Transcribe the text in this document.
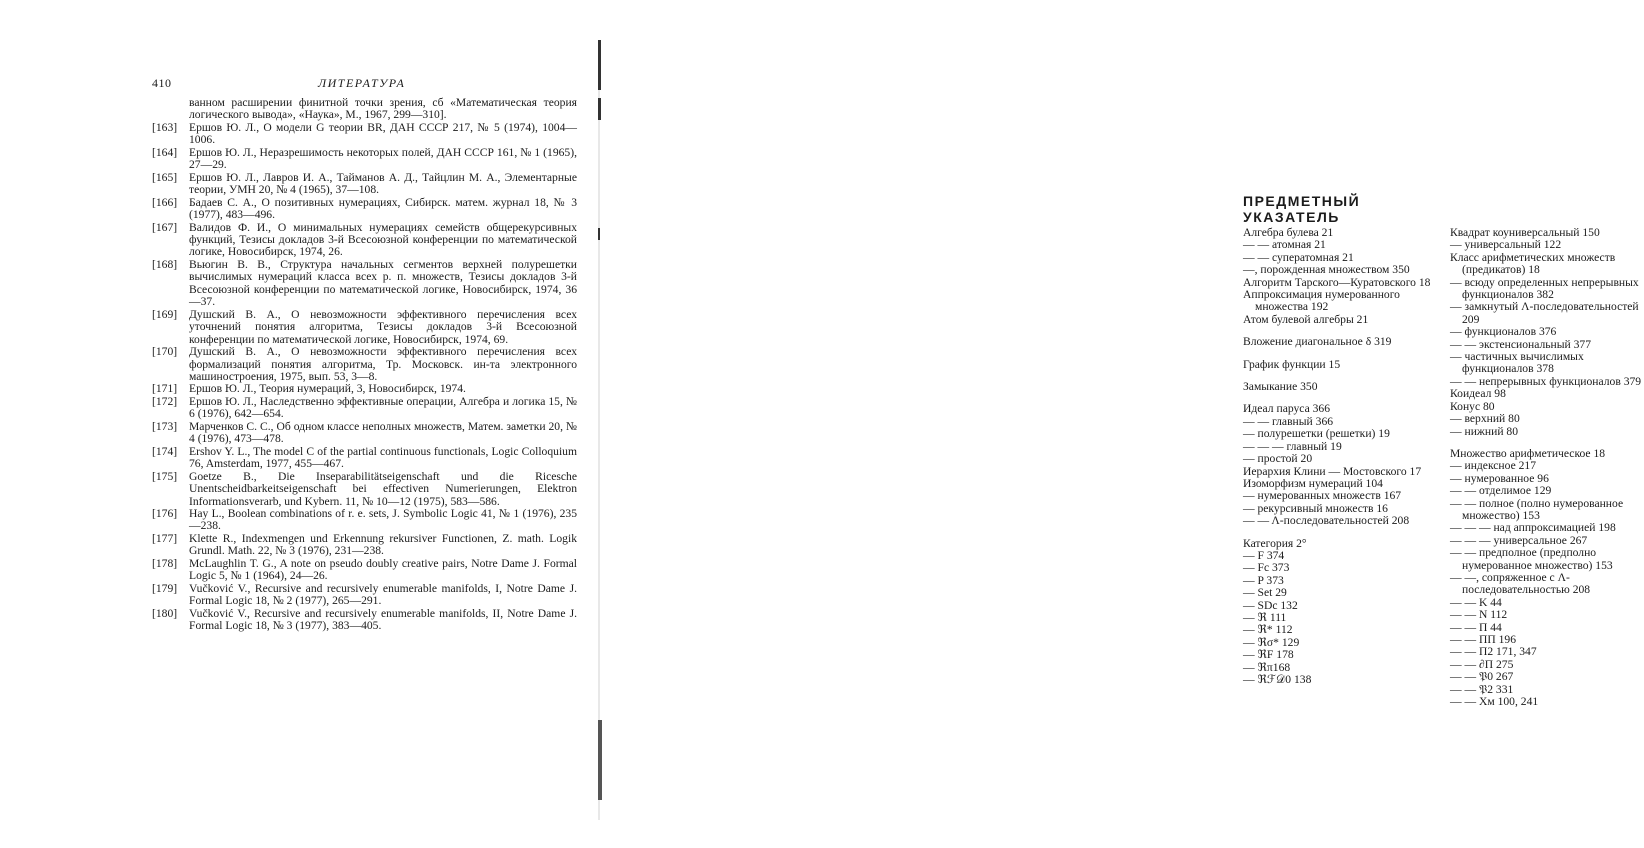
410	ЛИТЕРАТУРА
ванном расширении финитной точки зрения, сб «Математическая теория логического вывода», «Наука», М., 1967, 299—310].
[163]	Ершов Ю. Л., О модели G теории BR, ДАН СССР 217, № 5 (1974), 1004—1006.
[164]	Ершов Ю. Л., Неразрешимость некоторых полей, ДАН СССР 161, № 1 (1965), 27—29.
[165]	Ершов Ю. Л., Лавров И. А., Тайманов А. Д., Тайцлин М. А., Элементарные теории, УМН 20, № 4 (1965), 37—108.
[166]	Бадаев С. А., О позитивных нумерациях, Сибирск. матем. журнал 18, № 3 (1977), 483—496.
[167]	Валидов Ф. И., О минимальных нумерациях семейств общерекурсивных функций, Тезисы докладов 3-й Всесоюзной конференции по математической логике, Новосибирск, 1974, 26.
[168]	Вьюгин В. В., Структура начальных сегментов верхней полурешетки вычислимых нумераций класса всех р. п. множеств, Тезисы докладов 3-й Всесоюзной конференции по математической логике, Новосибирск, 1974, 36—37.
[169]	Душский В. А., О невозможности эффективного перечисления всех уточнений понятия алгоритма, Тезисы докладов 3-й Всесоюзной конференции по математической логике, Новосибирск, 1974, 69.
[170]	Душский В. А., О невозможности эффективного перечисления всех формализаций понятия алгоритма, Тр. Московск. ин-та электронного машиностроения, 1975, вып. 53, 3—8.
[171]	Ершов Ю. Л., Теория нумераций, 3, Новосибирск, 1974.
[172]	Ершов Ю. Л., Наследственно эффективные операции, Алгебра и логика 15, № 6 (1976), 642—654.
[173]	Марченков С. С., Об одном классе неполных множеств, Матем. заметки 20, № 4 (1976), 473—478.
[174]	Ershov Y. L., The model C of the partial continuous functionals, Logic Colloquium 76, Amsterdam, 1977, 455—467.
[175]	Goetze B., Die Inseparabilitätseigenschaft und die Ricesche Unentscheidbarkeitseigenschaft bei effectiven Numerierungen, Elektron Informationsverarb, und Kybern. 11, № 10—12 (1975), 583—586.
[176]	Hay L., Boolean combinations of r. e. sets, J. Symbolic Logic 41, № 1 (1976), 235—238.
[177]	Klette R., Indexmengen und Erkennung rekursiver Functionen, Z. math. Logik Grundl. Math. 22, № 3 (1976), 231—238.
[178]	McLaughlin T. G., A note on pseudo doubly creative pairs, Notre Dame J. Formal Logic 5, № 1 (1964), 24—26.
[179]	Vučković V., Recursive and recursively enumerable manifolds, I, Notre Dame J. Formal Logic 18, № 2 (1977), 265—291.
[180]	Vučković V., Recursive and recursively enumerable manifolds, II, Notre Dame J. Formal Logic 18, № 3 (1977), 383—405.
ПРЕДМЕТНЫЙ УКАЗАТЕЛЬ
Алгебра булева 21
— — атомная 21
— — суператомная 21
—, порожденная множеством 350
Алгоритм Тарского—Куратовского 18
Аппроксимация нумерованного множества 192
Атом булевой алгебры 21
Вложение диагональное δ 319
График функции 15
Замыкание 350
Идеал паруса 366
— — главный 366
— полурешетки (решетки) 19
— — — главный 19
— простой 20
Иерархия Клини — Мостовского 17
Изоморфизм нумераций 104
— нумерованных множеств 167
— рекурсивный множеств 16
— — Λ-последовательностей 208
Категория 2°
— F 374
— Fc 373
— P 373
— Set 29
— SDc 132
— ℜ 111
— ℜ* 112
— ℜσ* 129
— ℜF 178
— ℜπ168
— ℜℱ𝒟0 138
Квадрат коуниверсальный 150
— универсальный 122
Класс арифметических множеств (предикатов) 18
— всюду определенных непрерывных функционалов 382
— замкнутый Λ-последовательностей 209
— функционалов 376
— — экстенсиональный 377
— частичных вычислимых функционалов 378
— — непрерывных функционалов 379
Коидеал 98
Конус 80
— верхний 80
— нижний 80
Множество арифметическое 18
— индексное 217
— нумерованное 96
— — отделимое 129
— — полное (полно нумерованное множество) 153
— — — над аппроксимацией 198
— — — универсальное 267
— — предполное (предполно нумерованное множество) 153
— —, сопряженное с Λ-последовательностью 208
— — K 44
— — N 112
— — Π 44
— — ΠΠ 196
— — Π2 171, 347
— — ∂Π 275
— — 𝔓0 267
— — 𝔓2 331
— — Xм 100, 241
